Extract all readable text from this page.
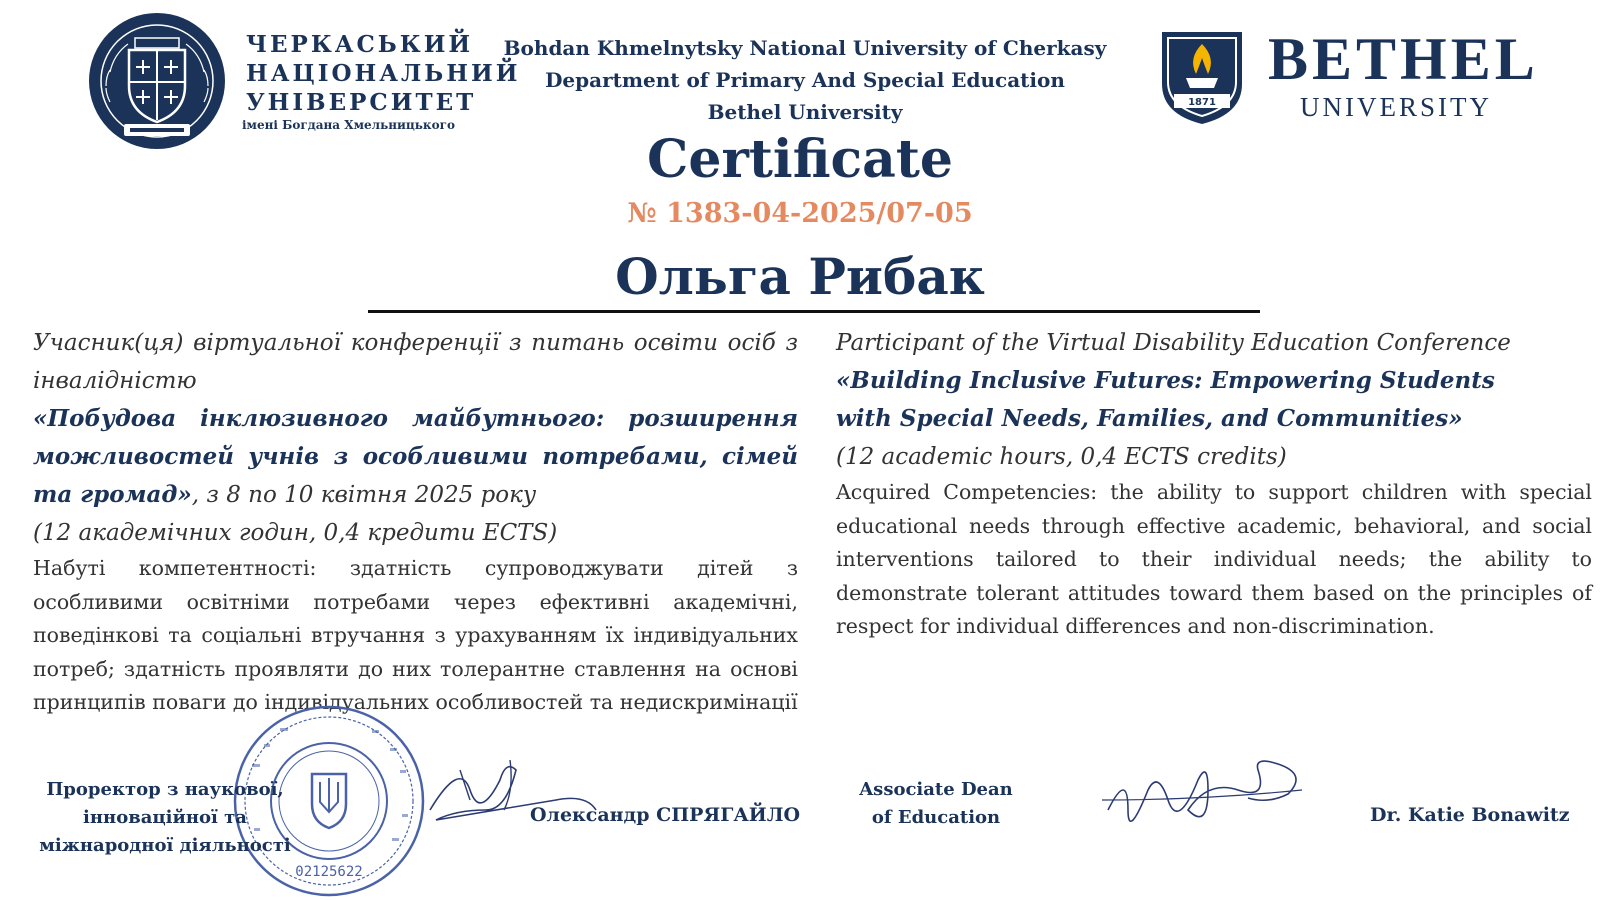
ЧЕРКАСЬКИЙ
НАЦІОНАЛЬНИЙ
УНІВЕРСИТЕТ
імені Богдана Хмельницького
Bohdan Khmelnytsky National University of Cherkasy
Department of Primary And Special Education
Bethel University	1871
BETHEL
UNIVERSITY
Certificate
№ 1383-04-2025/07-05
Ольга Рибак
Учасник(ця) віртуальної конференції з питань освіти осіб з інвалідністю
«Побудова інклюзивного майбутнього: розширення можливостей учнів з особливими потребами, сімей та громад», з 8 по 10 квітня 2025 року
(12 академічних годин, 0,4 кредити ECTS)
Набуті компетентності: здатність супроводжувати дітей з особливими освітніми потребами через ефективні академічні, поведінкові та соціальні втручання з урахуванням їх індивідуальних потреб; здатність проявляти до них толерантне ставлення на основі принципів поваги до індивідуальних особливостей та недискримінації
Participant of the Virtual Disability Education Conference
«Building Inclusive Futures: Empowering Students
with Special Needs, Families, and Communities»
(12 academic hours, 0,4 ECTS credits)
Acquired Competencies: the ability to support children with special educational needs through effective academic, behavioral, and social interventions tailored to their individual needs; the ability to demonstrate tolerant attitudes toward them based on the principles of respect for individual differences and non-discrimination.
02125622
Проректор з наукової,
інноваційної та
міжнародної діяльності
Олександр СПРЯГАЙЛО
Associate Dean
of Education	Dr. Katie Bonawitz
